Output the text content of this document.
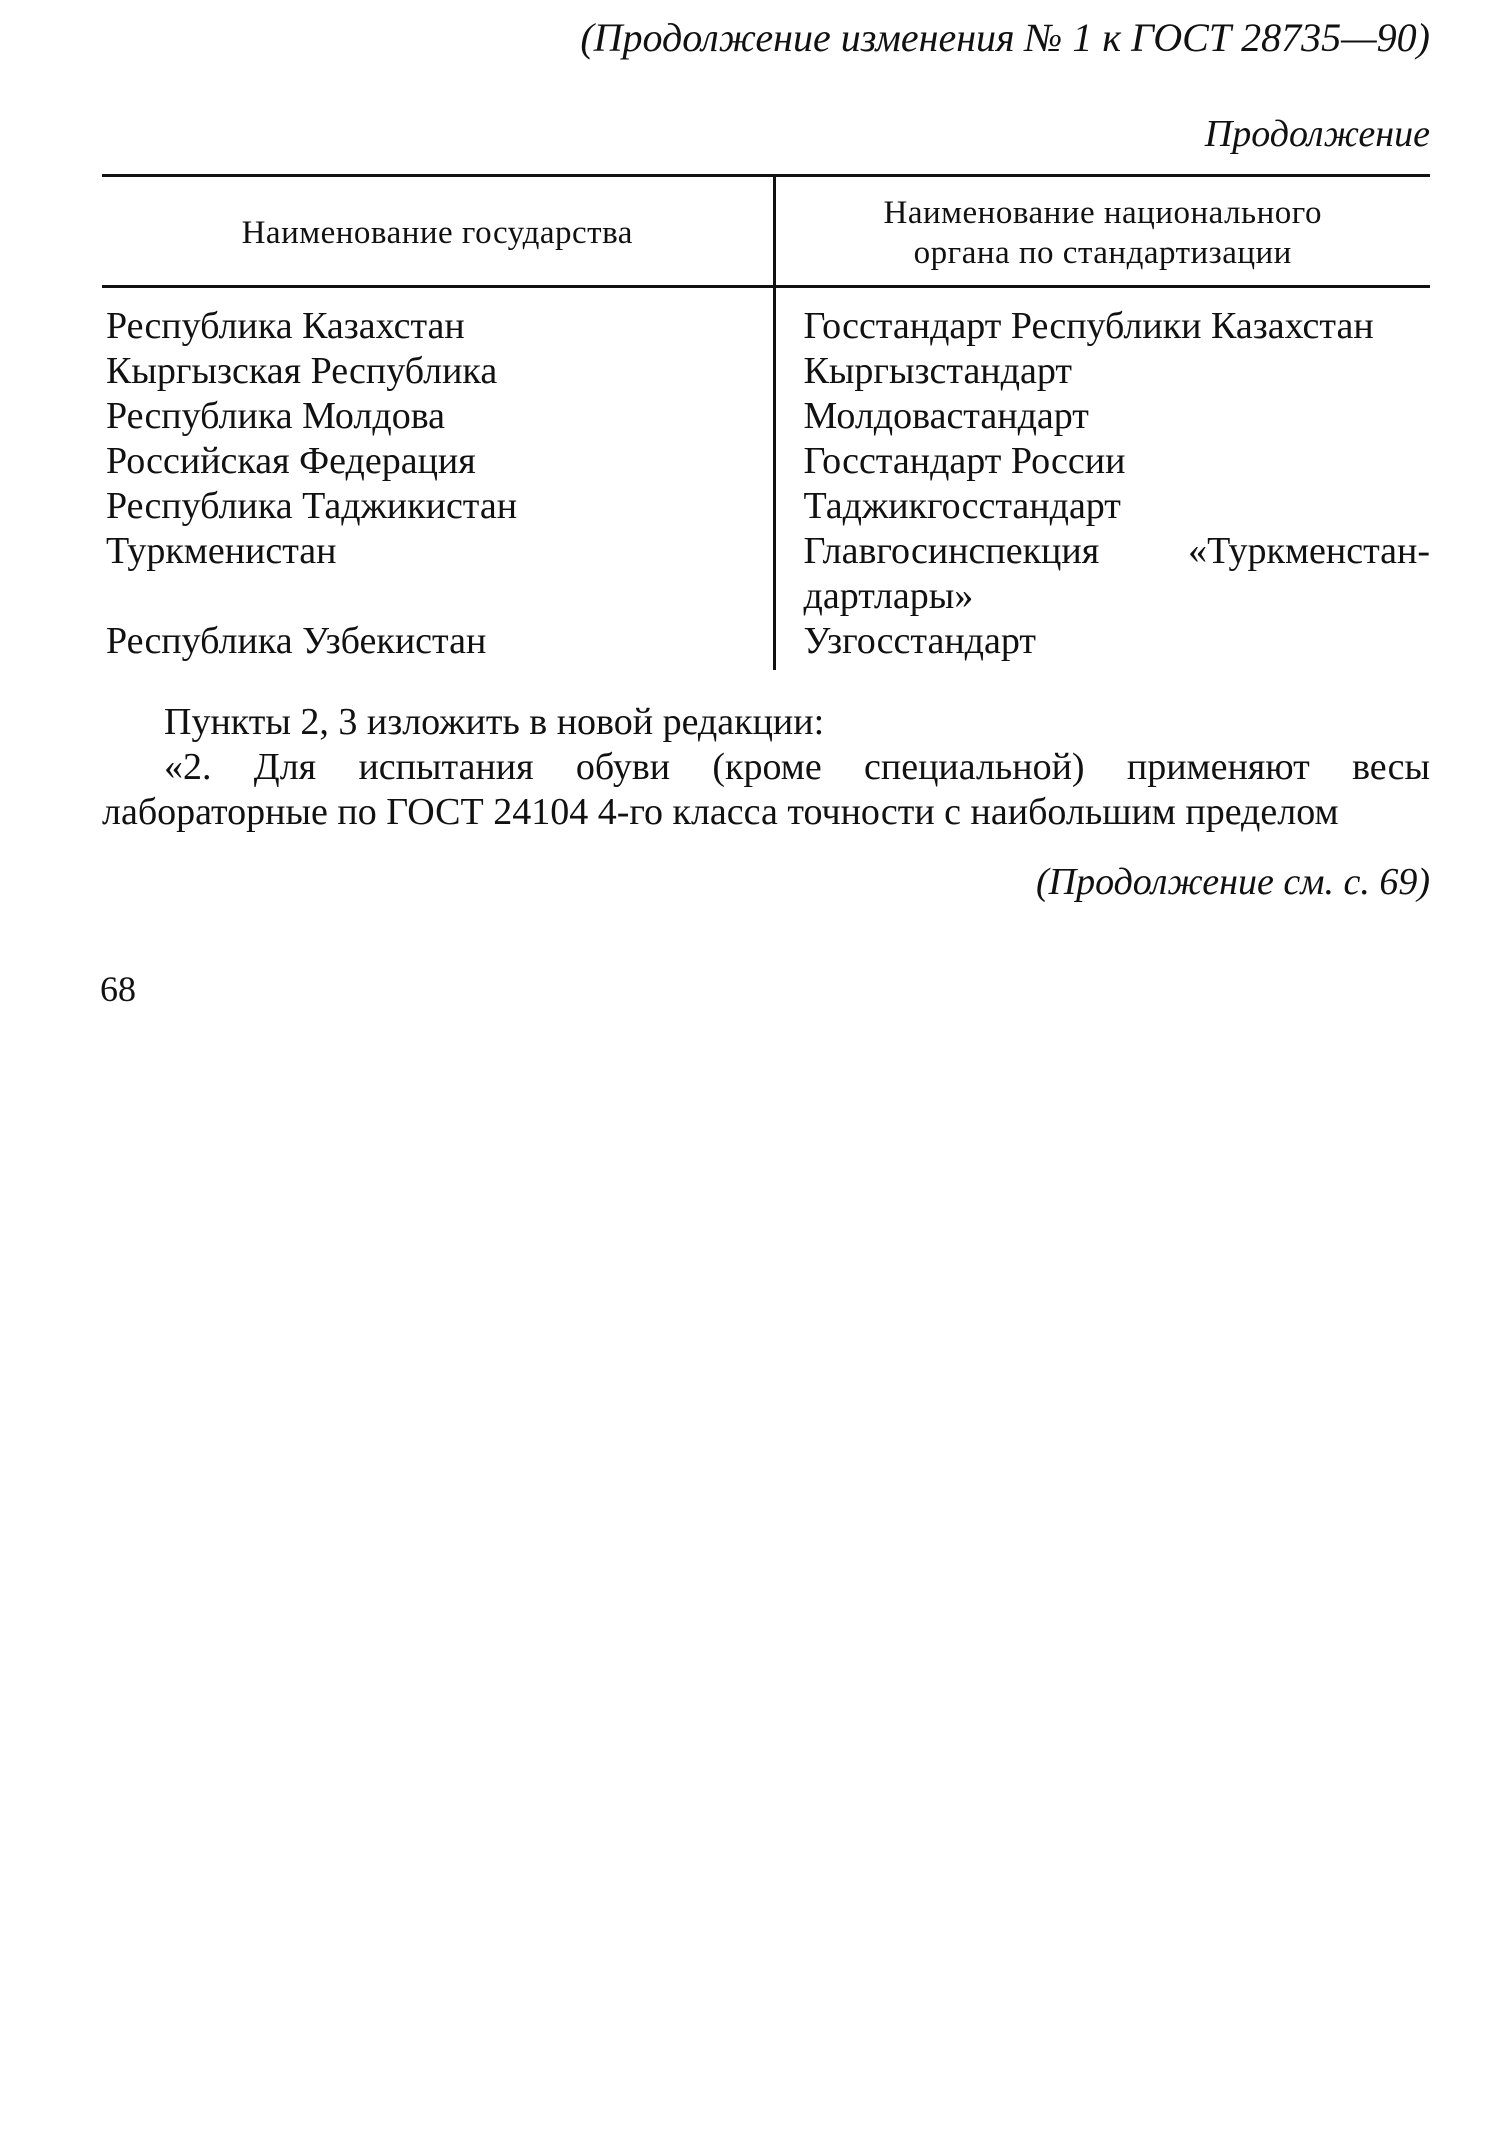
(Продолжение изменения № 1 к ГОСТ 28735—90)
Продолжение
Наименование государства	Наименование национального органа по стандартизации
Республика Казахстан	Госстандарт Республики Казахстан
Кыргызская Республика	Кыргызстандарт
Республика Молдова	Молдовастандарт
Российская Федерация	Госстандарт России
Республика Таджикистан	Таджикгосстандарт
Туркменистан	Главгосинспекция «Туркменстан-дартлары»
Республика Узбекистан	Узгосстандарт

Пункты 2, 3 изложить в новой редакции:

«2. Для испытания обуви (кроме специальной) применяют весы лабораторные по ГОСТ 24104 4-го класса точности с наибольшим пределом

(Продолжение см. с. 69)
68
